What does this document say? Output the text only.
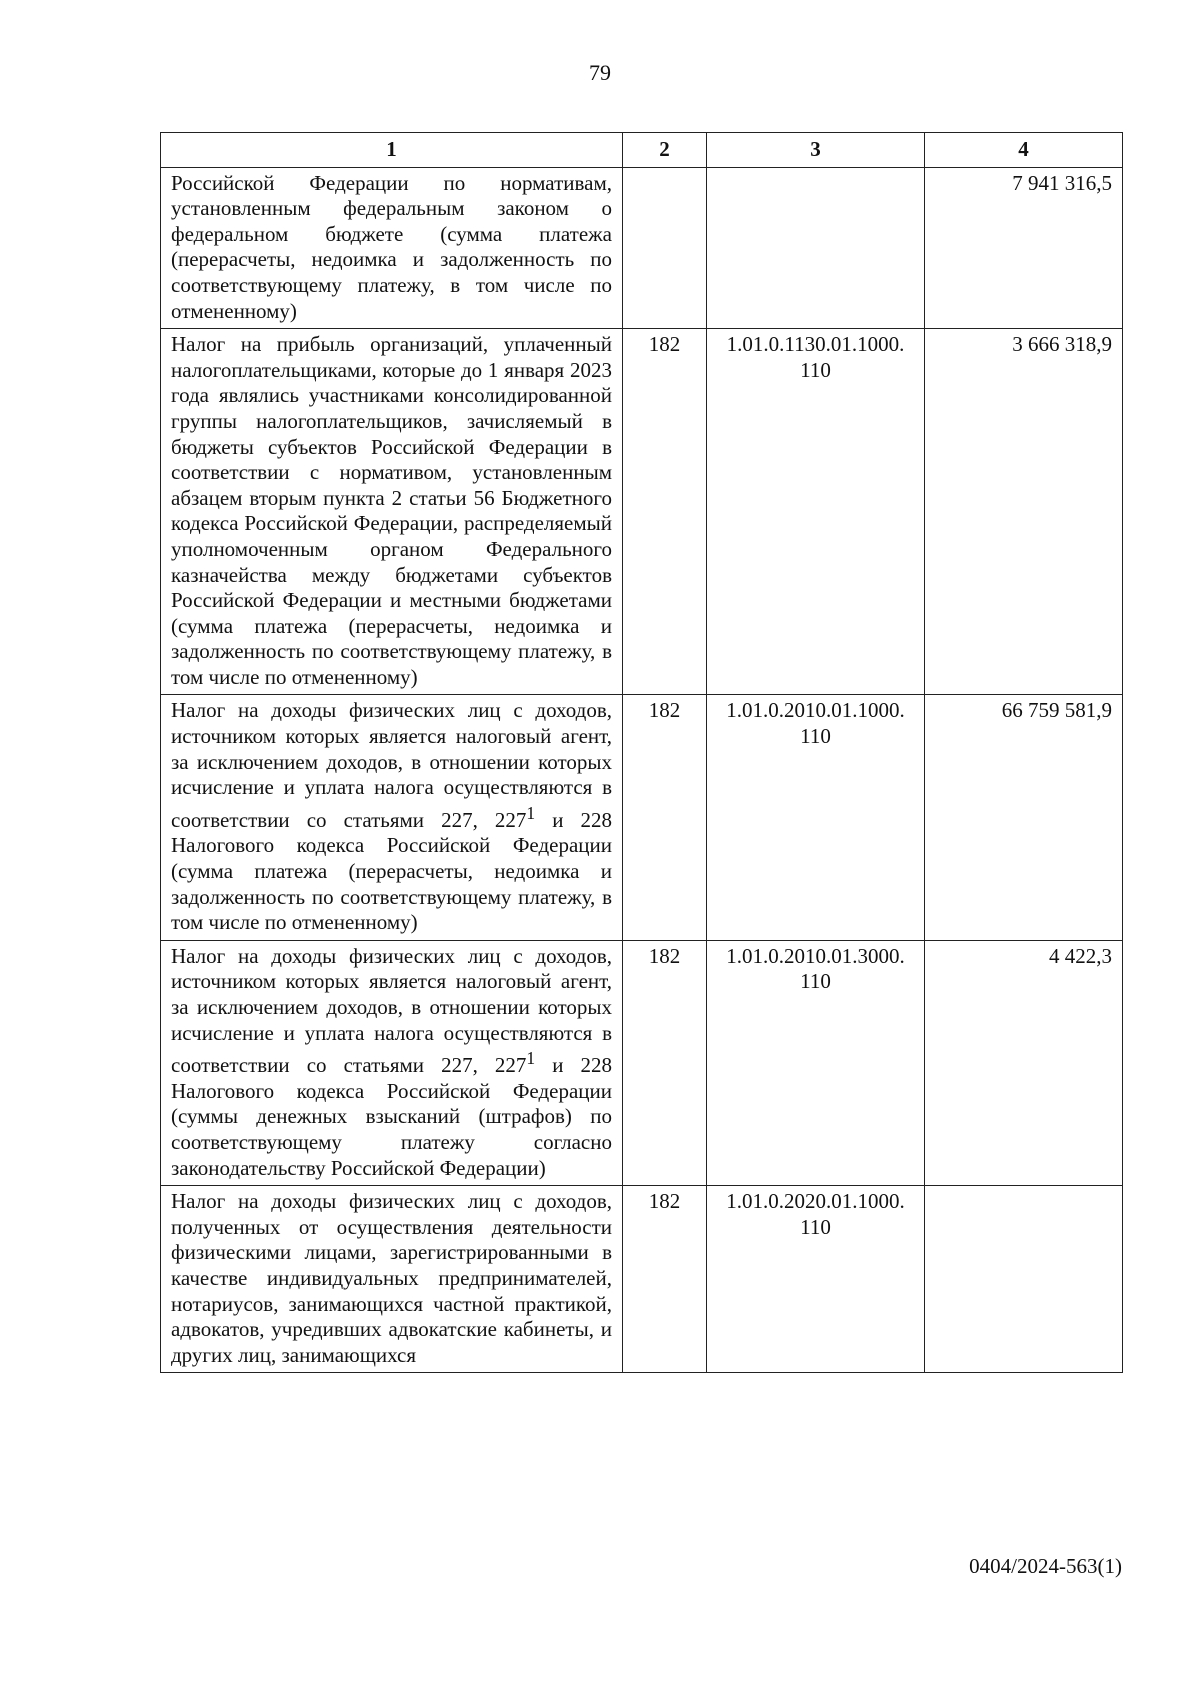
79
1	2	3	4
Российской Федерации по нормативам, установленным федеральным законом о федеральном бюджете (сумма платежа (перерасчеты, недоимка и задолженность по соответствующему платежу, в том числе по отмененному)			7 941 316,5
Налог на прибыль организаций, уплаченный налогоплательщиками, которые до 1 января 2023 года являлись участниками консолидированной группы налогоплательщиков, зачисляемый в бюджеты субъектов Российской Федерации в соответствии с нормативом, установленным абзацем вторым пункта 2 статьи 56 Бюджетного кодекса Российской Федерации, распределяемый уполномоченным органом Федерального казначейства между бюджетами субъектов Российской Федерации и местными бюджетами (сумма платежа (перерасчеты, недоимка и задолженность по соответствующему платежу, в том числе по отмененному)	182	1.01.0.1130.01.1000. 110	3 666 318,9
Налог на доходы физических лиц с доходов, источником которых является налоговый агент, за исключением доходов, в отношении которых исчисление и уплата налога осуществляются в соответствии со статьями 227, $227^1$ и 228 Налогового кодекса Российской Федерации (сумма платежа (перерасчеты, недоимка и задолженность по соответствующему платежу, в том числе по отмененному)	182	1.01.0.2010.01.1000. 110	66 759 581,9
Налог на доходы физических лиц с доходов, источником которых является налоговый агент, за исключением доходов, в отношении которых исчисление и уплата налога осуществляются в соответствии со статьями 227, $227^1$ и 228 Налогового кодекса Российской Федерации (суммы денежных взысканий (штрафов) по соответствующему платежу согласно законодательству Российской Федерации)	182	1.01.0.2010.01.3000. 110	4 422,3
Налог на доходы физических лиц с доходов, полученных от осуществления деятельности физическими лицами, зарегистрированными в качестве индивидуальных предпринимателей, нотариусов, занимающихся частной практикой, адвокатов, учредивших адвокатские кабинеты, и других лиц, занимающихся	182	1.01.0.2020.01.1000. 110	
0404/2024-563(1)
